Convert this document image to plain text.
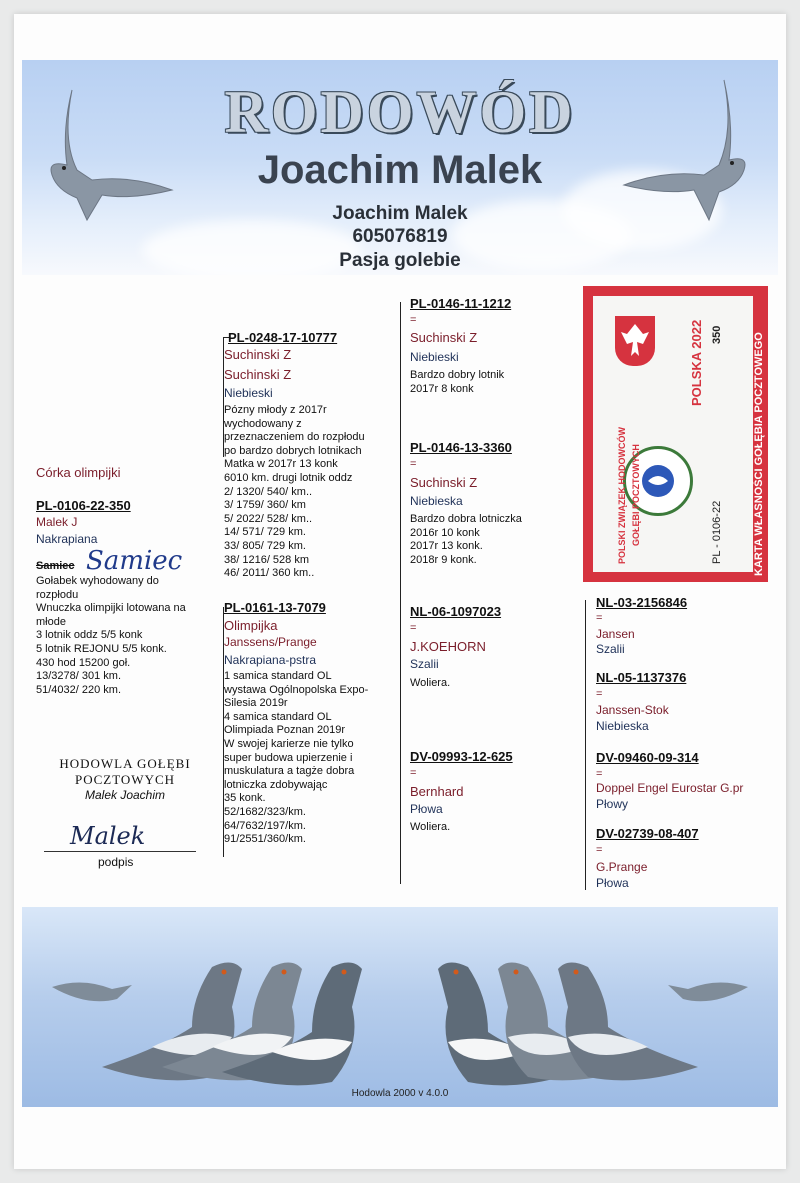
RODOWÓD
Joachim Malek
Joachim Malek
605076819
Pasja golebie
Córka olimpijki
PL-0106-22-350
Malek J
Nakrapiana
Samiec Samiec
Gołabek wyhodowany do
rozpłodu
Wnuczka olimpijki lotowana na
młode
3 lotnik oddz 5/5 konk
5 lotnik REJONU 5/5 konk.
430 hod 15200 goł.
13/3278/ 301 km.
51/4032/ 220 km.
HODOWLA GOŁĘBI
POCZTOWYCH
Malek Joachim
Malek
podpis
PL-0248-17-10777
Suchinski Z
Suchinski Z
Niebieski
Pózny młody z 2017r
wychodowany z
przeznaczeniem do rozpłodu
po bardzo dobrych lotnikach
Matka w 2017r 13 konk
6010 km. drugi lotnik oddz
2/ 1320/ 540/ km..
3/ 1759/ 360/ km
5/ 2022/ 528/ km..
14/ 571/ 729 km.
33/ 805/ 729 km.
38/ 1216/ 528 km
46/ 2011/ 360 km..
PL-0161-13-7079
Olimpijka
Janssens/Prange
Nakrapiana-pstra
1 samica standard OL
wystawa Ogólnopolska Expo-
Silesia 2019r
4 samica standard OL
Olimpiada Poznan 2019r
W swojej karierze nie tylko
super budowa upierzenie i
muskulatura a tagże dobra
lotniczka zdobywając
35 konk.
52/1682/323/km.
64/7632/197/km.
91/2551/360/km.
PL-0146-11-1212
=
Suchinski Z
Niebieski
Bardzo dobry lotnik
2017r 8 konk
PL-0146-13-3360
=
Suchinski Z
Niebieska
Bardzo dobra lotniczka
2016r 10 konk
2017r 13 konk.
2018r 9 konk.
NL-06-1097023
=
J.KOEHORN
Szalii
Woliera.
DV-09993-12-625
=
Bernhard
Płowa
Woliera.
NL-03-2156846
=
Jansen
Szalii
NL-05-1137376
=
Janssen-Stok
Niebieska
DV-09460-09-314
=
Doppel Engel Eurostar G.pr
Płowy
DV-02739-08-407
=
G.Prange
Płowa
POLSKA 2022 350
POLSKI ZWIĄZEK HODOWCÓW GOŁĘBI POCZTOWYCH	PL - 0106-22	KARTA WŁASNOŚCI GOŁĘBIA POCZTOWEGO
Hodowla 2000 v 4.0.0
